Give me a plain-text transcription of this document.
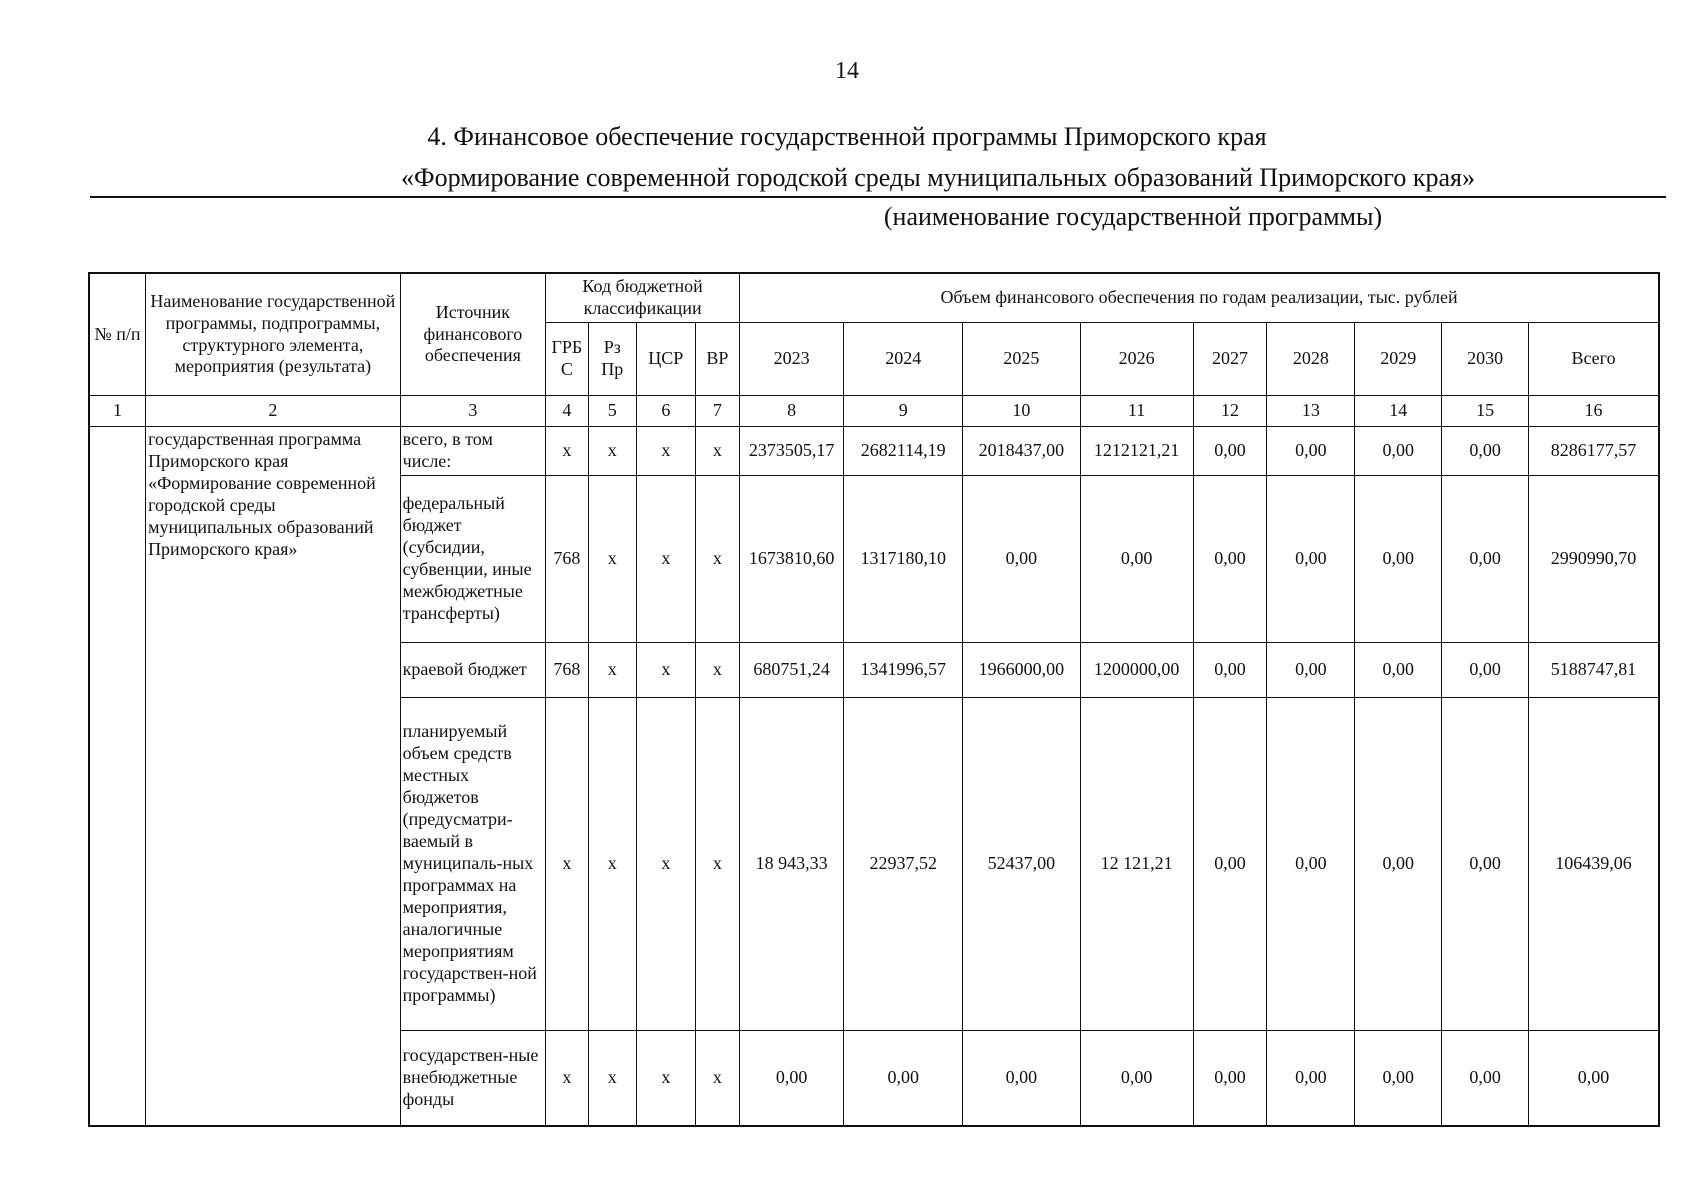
14
4. Финансовое обеспечение государственной программы Приморского края
«Формирование современной городской среды муниципальных образований Приморского края»
(наименование государственной программы)
№ п/п	Наименование государственной программы, подпрограммы, структурного элемента, мероприятия (результата)	Источник финансового обеспечения	Код бюджетной классификации				Объем финансового обеспечения по годам реализации, тыс. рублей								
			ГРБ С	Рз Пр	ЦСР	ВР	2023	2024	2025	2026	2027	2028	2029	2030	Всего
1	2	3	4	5	6	7	8	9	10	11	12	13	14	15	16
	государственная программа Приморского края «Формирование современной городской среды муниципальных образований Приморского края»	всего, в том числе:	x	x	x	x	2373505,17	2682114,19	2018437,00	1212121,21	0,00	0,00	0,00	0,00	8286177,57
		федеральный бюджет (субсидии, субвенции, иные межбюджетные трансферты)	768	x	x	x	1673810,60	1317180,10	0,00	0,00	0,00	0,00	0,00	0,00	2990990,70
		краевой бюджет	768	x	x	x	680751,24	1341996,57	1966000,00	1200000,00	0,00	0,00	0,00	0,00	5188747,81
		планируемый объем средств местных бюджетов (предусматри-ваемый в муниципаль-ных программах на мероприятия, аналогичные мероприятиям государствен-ной программы)	x	x	x	x	18 943,33	22937,52	52437,00	12 121,21	0,00	0,00	0,00	0,00	106439,06
		государствен-ные внебюджетные фонды	x	x	x	x	0,00	0,00	0,00	0,00	0,00	0,00	0,00	0,00	0,00
